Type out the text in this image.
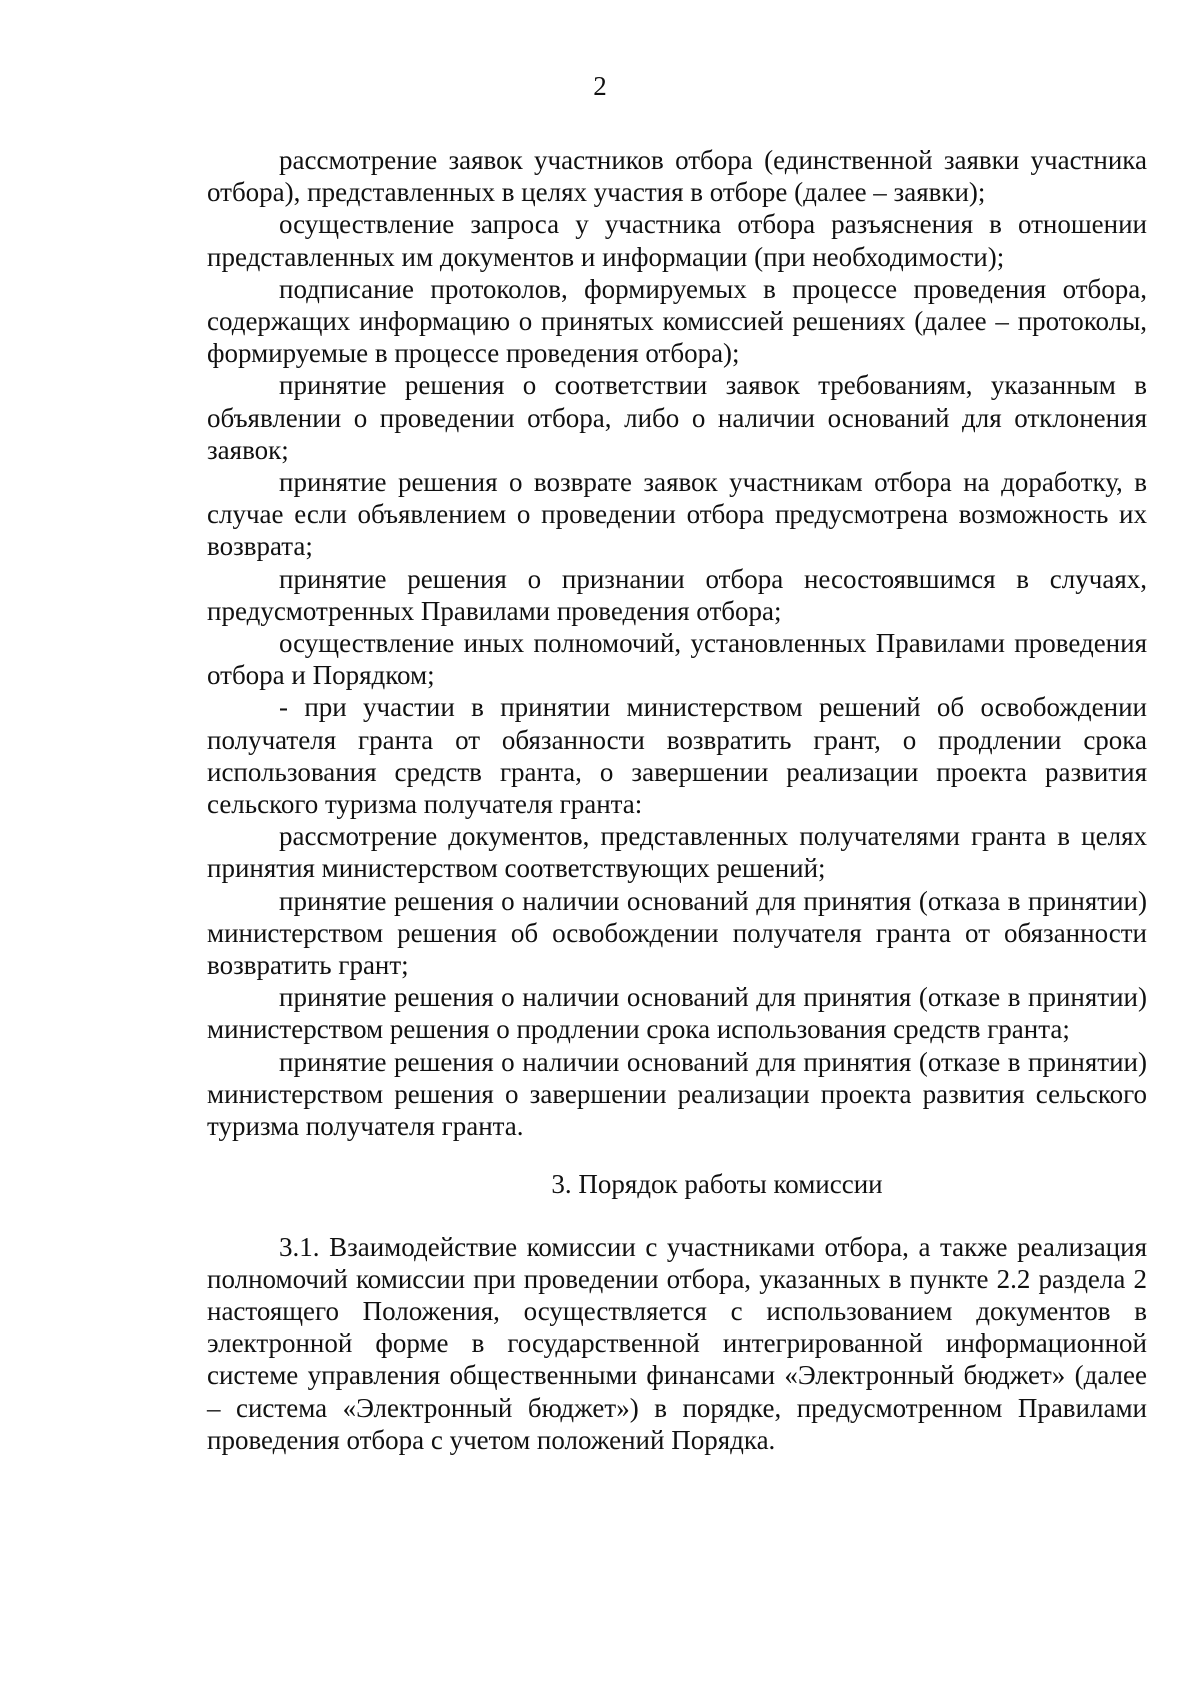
2

рассмотрение заявок участников отбора (единственной заявки участника отбора), представленных в целях участия в отборе (далее – заявки);

осуществление запроса у участника отбора разъяснения в отношении представленных им документов и информации (при необходимости);

подписание протоколов, формируемых в процессе проведения отбора, содержащих информацию о принятых комиссией решениях (далее – протоколы, формируемые в процессе проведения отбора);

принятие решения о соответствии заявок требованиям, указанным в объявлении о проведении отбора, либо о наличии оснований для отклонения заявок;

принятие решения о возврате заявок участникам отбора на доработку, в случае если объявлением о проведении отбора предусмотрена возможность их возврата;

принятие решения о признании отбора несостоявшимся в случаях, предусмотренных Правилами проведения отбора;

осуществление иных полномочий, установленных Правилами проведения отбора и Порядком;

- при участии в принятии министерством решений об освобождении получателя гранта от обязанности возвратить грант, о продлении срока использования средств гранта, о завершении реализации проекта развития сельского туризма получателя гранта:

рассмотрение документов, представленных получателями гранта в целях принятия министерством соответствующих решений;

принятие решения о наличии оснований для принятия (отказа в принятии) министерством решения об освобождении получателя гранта от обязанности возвратить грант;

принятие решения о наличии оснований для принятия (отказе в принятии) министерством решения о продлении срока использования средств гранта;

принятие решения о наличии оснований для принятия (отказе в принятии) министерством решения о завершении реализации проекта развития сельского туризма получателя гранта.

3. Порядок работы комиссии

3.1. Взаимодействие комиссии с участниками отбора, а также реализация полномочий комиссии при проведении отбора, указанных в пункте 2.2 раздела 2 настоящего Положения, осуществляется с использованием документов в электронной форме в государственной интегрированной информационной системе управления общественными финансами «Электронный бюджет» (далее – система «Электронный бюджет») в порядке, предусмотренном Правилами проведения отбора с учетом положений Порядка.
